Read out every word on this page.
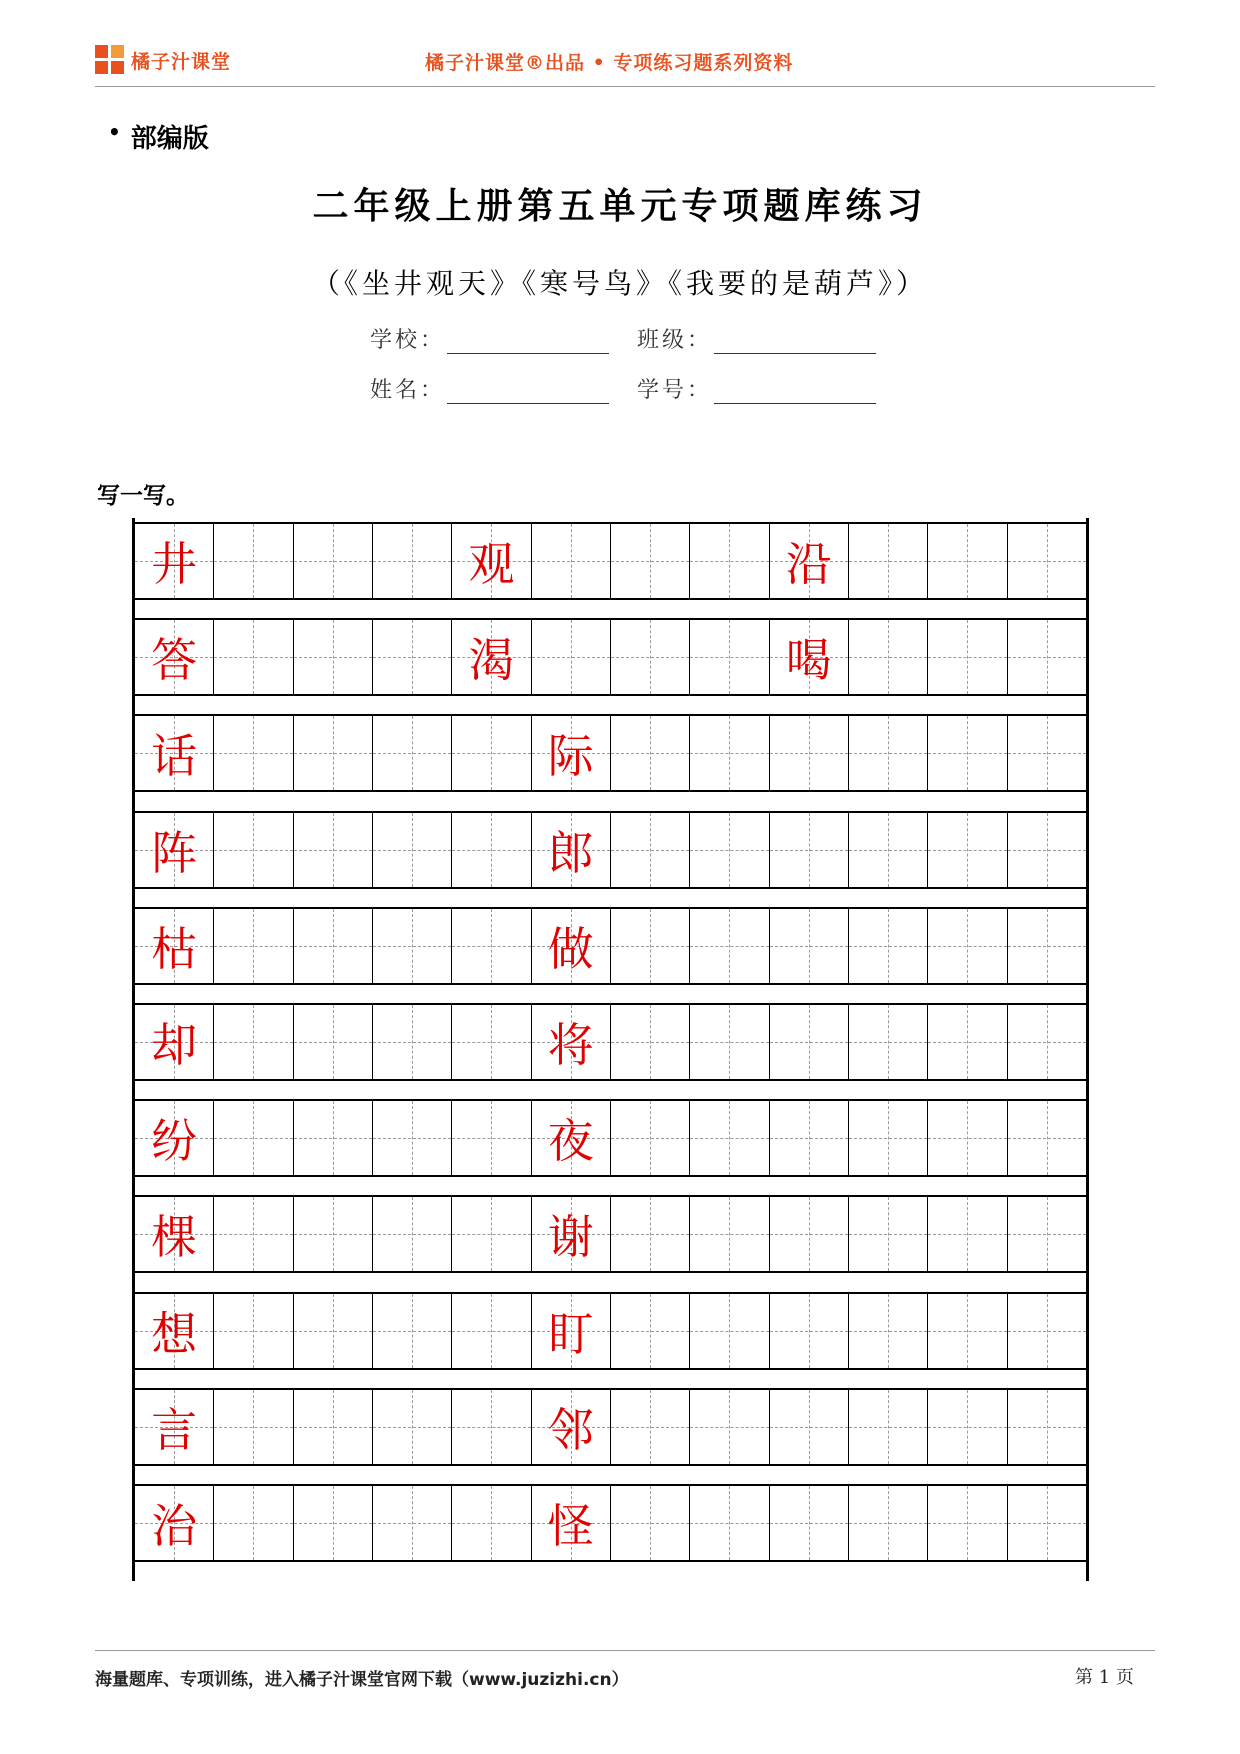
橘子汁课堂	橘子汁课堂®出品 • 专项练习题系列资料
• 部编版
二年级上册第五单元专项题库练习
（《坐井观天》《寒号鸟》《我要的是葫芦》）
学校：	班级：
姓名：	学号：
写一写。
井	观	沿
答	渴	喝
话	际
阵	郎
枯	做
却	将
纷	夜
棵	谢
想	盯
言	邻
治	怪
海量题库、专项训练，进入橘子汁课堂官网下载（www.juzizhi.cn）	第 1 页
